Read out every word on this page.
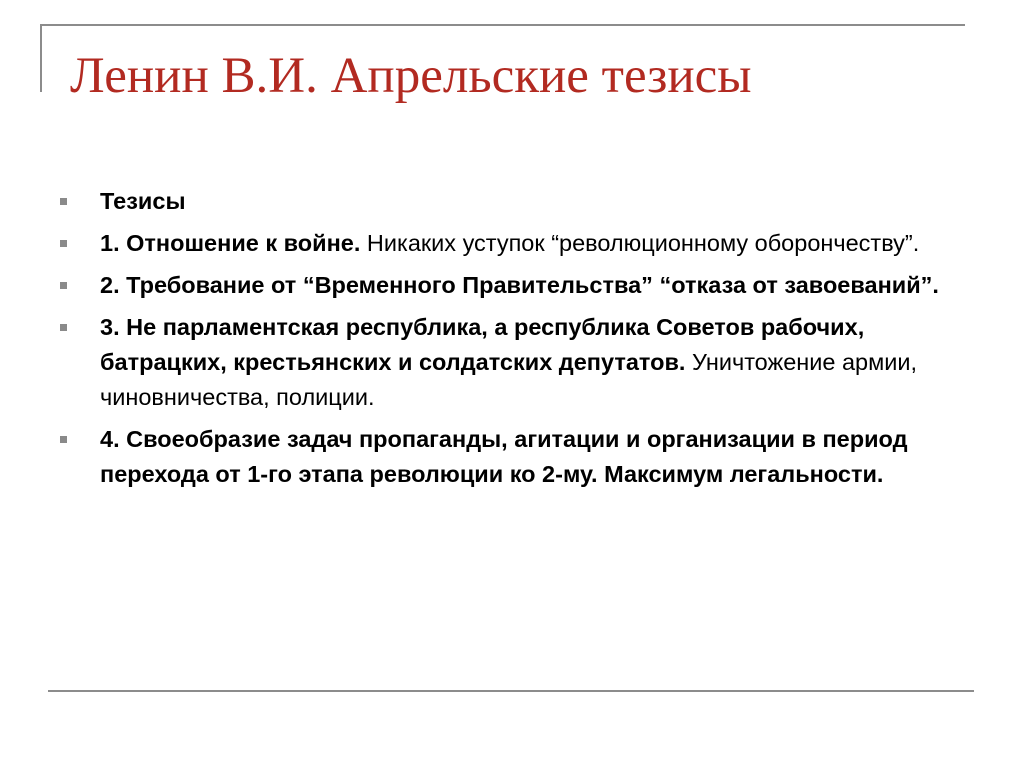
Ленин В.И. Апрельские тезисы
Тезисы
1. Отношение к войне. Никаких уступок “революционному оборончеству”.
2. Требование от “Временного Правительства” “отказа от завоеваний”.
3. Не парламентская республика, а республика Советов рабочих, батрацких, крестьянских и солдатских депутатов. Уничтожение армии, чиновничества, полиции.
4. Своеобразие задач пропаганды, агитации и организации в период перехода от 1-го этапа революции ко 2-му. Максимум легальности.
